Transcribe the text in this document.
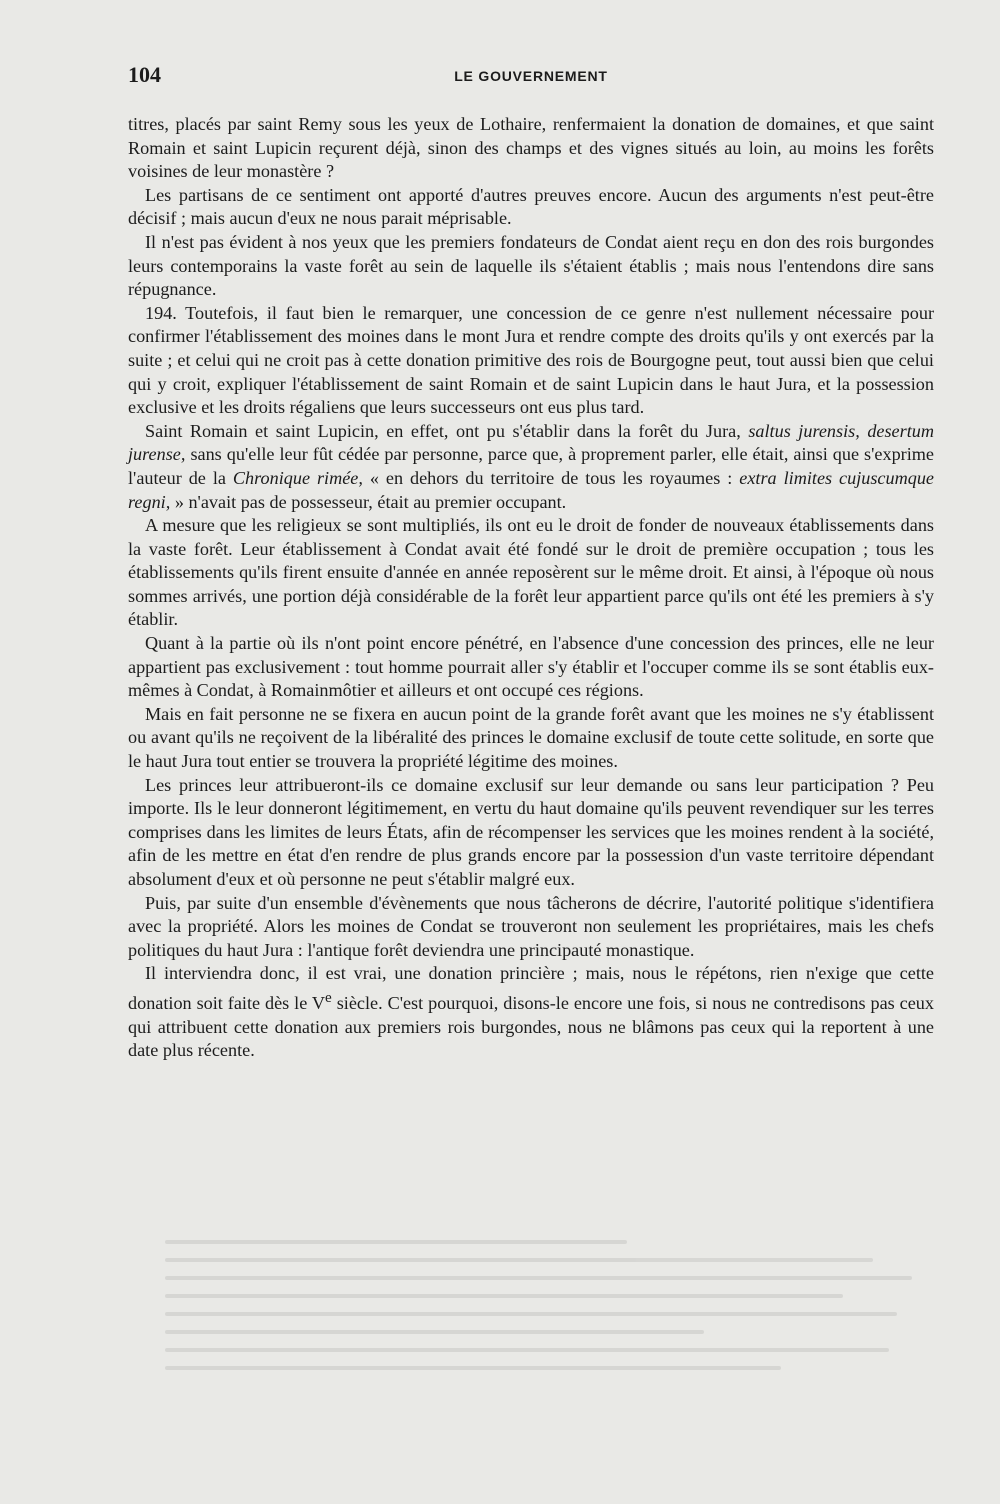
104	LE GOUVERNEMENT

titres, placés par saint Remy sous les yeux de Lothaire, renfermaient la donation de domaines, et que saint Romain et saint Lupicin reçurent déjà, sinon des champs et des vignes situés au loin, au moins les forêts voisines de leur monastère ?

Les partisans de ce sentiment ont apporté d'autres preuves encore. Aucun des arguments n'est peut-être décisif ; mais aucun d'eux ne nous parait méprisable.

Il n'est pas évident à nos yeux que les premiers fondateurs de Condat aient reçu en don des rois burgondes leurs contemporains la vaste forêt au sein de laquelle ils s'étaient établis ; mais nous l'entendons dire sans répugnance.

194. Toutefois, il faut bien le remarquer, une concession de ce genre n'est nullement nécessaire pour confirmer l'établissement des moines dans le mont Jura et rendre compte des droits qu'ils y ont exercés par la suite ; et celui qui ne croit pas à cette donation primitive des rois de Bourgogne peut, tout aussi bien que celui qui y croit, expliquer l'établissement de saint Romain et de saint Lupicin dans le haut Jura, et la possession exclusive et les droits régaliens que leurs successeurs ont eus plus tard.

Saint Romain et saint Lupicin, en effet, ont pu s'établir dans la forêt du Jura, saltus jurensis, desertum jurense, sans qu'elle leur fût cédée par personne, parce que, à proprement parler, elle était, ainsi que s'exprime l'auteur de la Chronique rimée, « en dehors du territoire de tous les royaumes : extra limites cujuscumque regni, » n'avait pas de possesseur, était au premier occupant.

A mesure que les religieux se sont multipliés, ils ont eu le droit de fonder de nouveaux établissements dans la vaste forêt. Leur établissement à Condat avait été fondé sur le droit de première occupation ; tous les établissements qu'ils firent ensuite d'année en année reposèrent sur le même droit. Et ainsi, à l'époque où nous sommes arrivés, une portion déjà considérable de la forêt leur appartient parce qu'ils ont été les premiers à s'y établir.

Quant à la partie où ils n'ont point encore pénétré, en l'absence d'une concession des princes, elle ne leur appartient pas exclusivement : tout homme pourrait aller s'y établir et l'occuper comme ils se sont établis eux-mêmes à Condat, à Romainmôtier et ailleurs et ont occupé ces régions.

Mais en fait personne ne se fixera en aucun point de la grande forêt avant que les moines ne s'y établissent ou avant qu'ils ne reçoivent de la libéralité des princes le domaine exclusif de toute cette solitude, en sorte que le haut Jura tout entier se trouvera la propriété légitime des moines.

Les princes leur attribueront-ils ce domaine exclusif sur leur demande ou sans leur participation ? Peu importe. Ils le leur donneront légitimement, en vertu du haut domaine qu'ils peuvent revendiquer sur les terres comprises dans les limites de leurs États, afin de récompenser les services que les moines rendent à la société, afin de les mettre en état d'en rendre de plus grands encore par la possession d'un vaste territoire dépendant absolument d'eux et où personne ne peut s'établir malgré eux.

Puis, par suite d'un ensemble d'évènements que nous tâcherons de décrire, l'autorité politique s'identifiera avec la propriété. Alors les moines de Condat se trouveront non seulement les propriétaires, mais les chefs politiques du haut Jura : l'antique forêt deviendra une principauté monastique.

Il interviendra donc, il est vrai, une donation princière ; mais, nous le répétons, rien n'exige que cette donation soit faite dès le Ve siècle. C'est pourquoi, disons-le encore une fois, si nous ne contredisons pas ceux qui attribuent cette donation aux premiers rois burgondes, nous ne blâmons pas ceux qui la reportent à une date plus récente.
